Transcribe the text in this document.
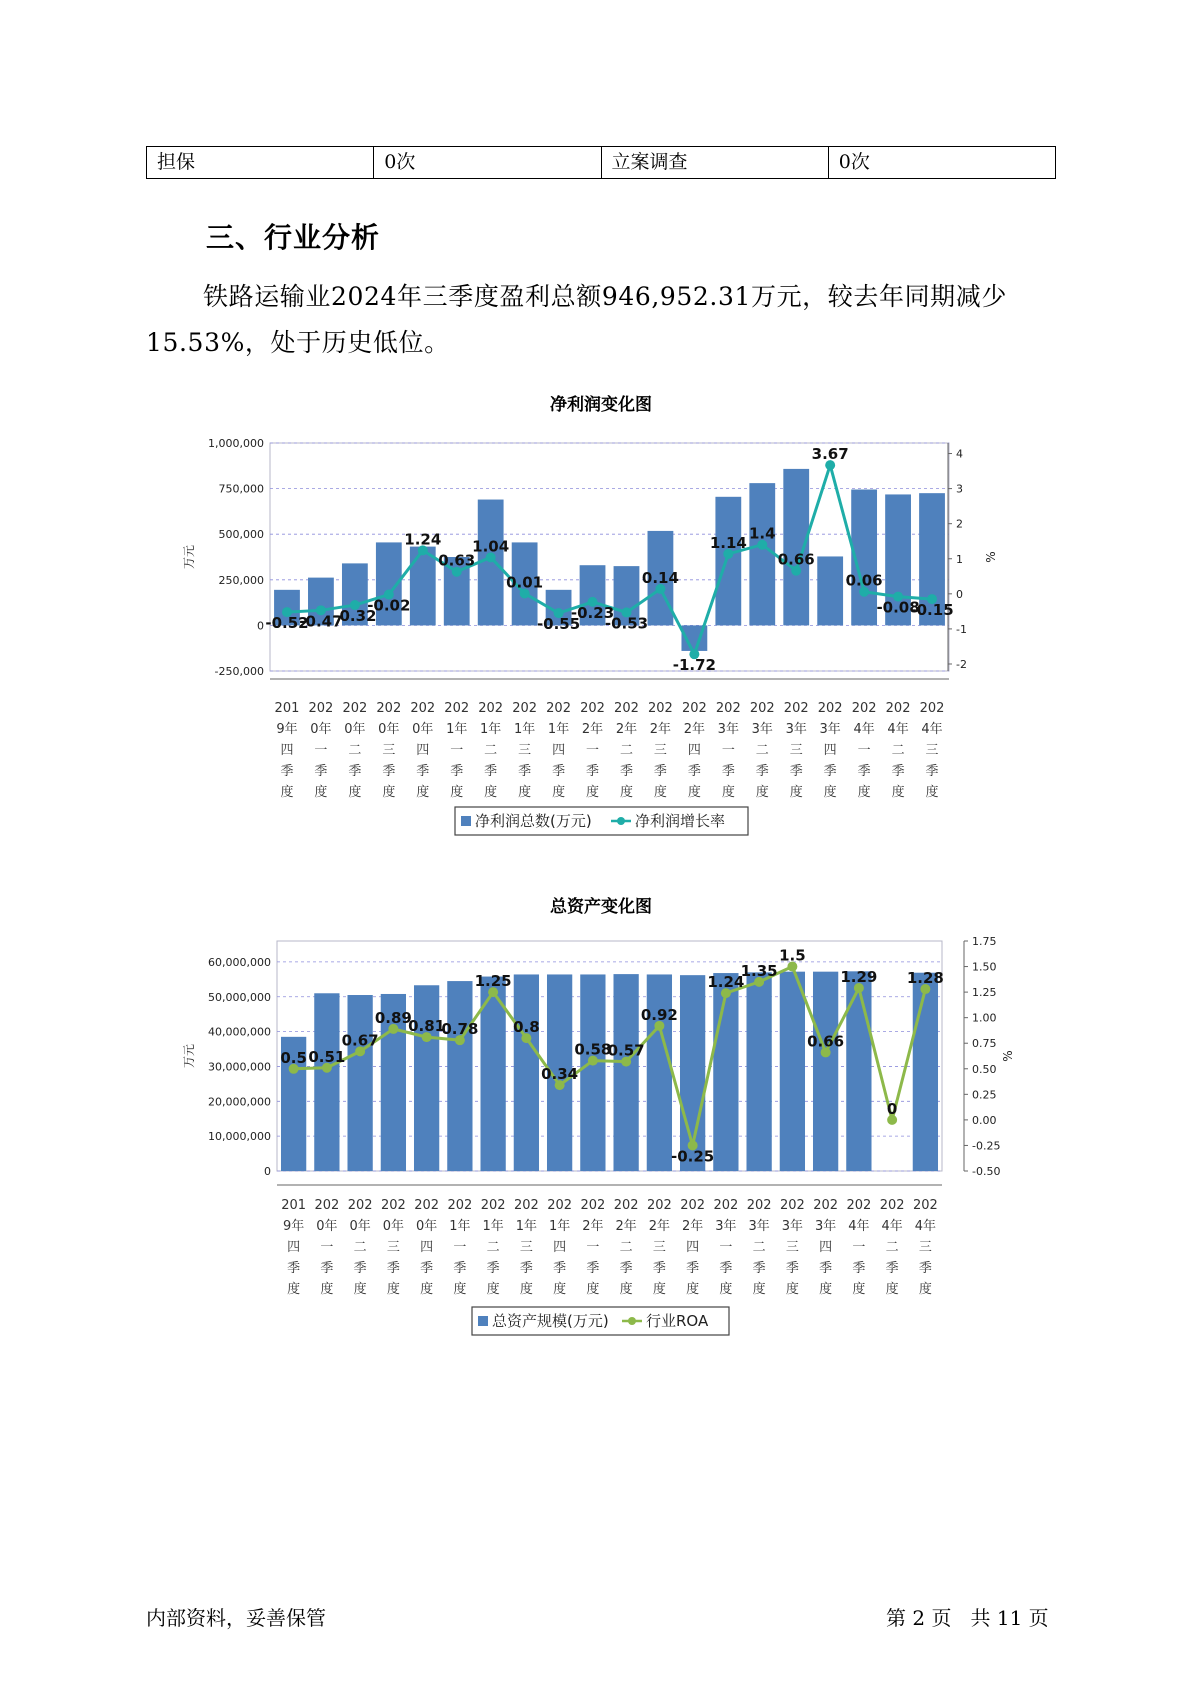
担保	0次	立案调查	0次
三、行业分析
铁路运输业2024年三季度盈利总额946,952.31万元，较去年同期减少15.53%，处于历史低位。
净利润变化图
1,000,000
750,000
500,000
250,000
0
-250,000
万元
4
3
2
1
0
-1
-2
%
-0.52
-0.47
-0.32
-0.02
1.24
0.63
1.04
0.01
-0.55
-0.23
-0.53
0.14
-1.72
1.14
1.4
0.66
3.67
0.06
-0.08
-0.15
201
9年
四
季
度
202
0年
一
季
度
202
0年
二
季
度
202
0年
三
季
度
202
0年
四
季
度
202
1年
一
季
度
202
1年
二
季
度
202
1年
三
季
度
202
1年
四
季
度
202
2年
一
季
度
202
2年
二
季
度
202
2年
三
季
度
202
2年
四
季
度
202
3年
一
季
度
202
3年
二
季
度
202
3年
三
季
度
202
3年
四
季
度
202
4年
一
季
度
202
4年
二
季
度
202
4年
三
季
度
净利润总数(万元)	净利润增长率
总资产变化图
60,000,000
50,000,000
40,000,000
30,000,000
20,000,000
10,000,000
0
万元
1.75
1.50
1.25
1.00
0.75
0.50
0.25
0.00
-0.25
-0.50
%
0.5 0.51
0.67
0.89
0.81
0.78
1.25
0.8
0.34
0.58
0.57
0.92
-0.25
1.24
1.35
1.5
0.66
1.29
0
1.28
201
9年
四
季
度
202
0年
一
季
度
202
0年
二
季
度
202
0年
三
季
度
202
0年
四
季
度
202
1年
一
季
度
202
1年
二
季
度
202
1年
三
季
度
202
1年
四
季
度
202
2年
一
季
度
202
2年
二
季
度
202
2年
三
季
度
202
2年
四
季
度
202
3年
一
季
度
202
3年
二
季
度
202
3年
三
季
度
202
3年
四
季
度
202
4年
一
季
度
202
4年
二
季
度
202
4年
三
季
度
总资产规模(万元) 行业ROA
内部资料，妥善保管	第 2 页   共 11 页
